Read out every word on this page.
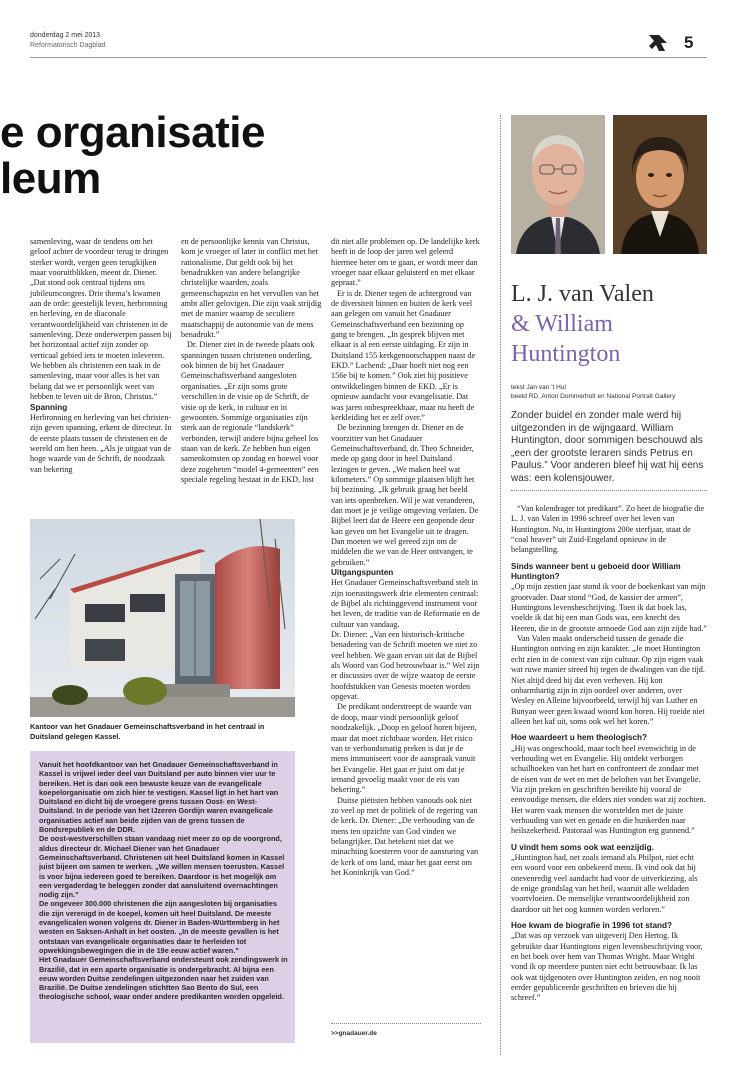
donderdag 2 mei 2013
Reformatorisch Dagblad	5
e organisatie
leum

samenleving, waar de tendens om het geloof achter de voordeur terug te dringen sterker wordt, vergen geen terugkijken maar vooruitblikken, meent dr. Diener. „Dat stond ook centraal tijdens ons jubileumcongres. Drie thema’s kwamen aan de orde: geestelijk leven, herbronning en herleving, en de diaconale verantwoordelijkheid van christenen in de samenleving. Deze onderwerpen passen bij het horizontaal actief zijn zonder op verticaal gebied iets te moeten inleveren. We hebben als christenen een taak in de samenleving, maar voor alles is het van belang dat we er persoonlijk weet van hebben te leven uit de Bron, Christus.”

Spanning

Herbronning en herleving van het christen-zijn geven spanning, erkent de directeur. In de eerste plaats tussen de christenen en de wereld om hen heen. „Als je uitgaat van de hoge waarde van de Schrift, de noodzaak van bekering

en de persoonlijke kennis van Christus, kom je vroeger of later in conflict met het rationalisme. Dat geldt ook bij het benadrukken van andere belangrijke christelijke waarden, zoals gemeenschapszin en het vervullen van het ambt aller gelovigen. Die zijn vaak strijdig met de manier waarop de seculiere maatschappij de autonomie van de mens benadrukt.”

Dr. Diener ziet in de tweede plaats ook spanningen tussen christenen onderling, ook binnen de bij het Gnadauer Gemeinschaftsverband aangesloten organisaties. „Er zijn soms grote verschillen in de visie op de Schrift, de visie op de kerk, in cultuur en in gewoonten. Sommige organisaties zijn sterk aan de regionale “landskerk” verbonden, terwijl andere bijna geheel los staan van de kerk. Ze hebben hun eigen samenkomsten op zondag en hoewel voor deze zogeheten “model 4-gemeenten” een speciale regeling bestaat in de EKD, lost

dit niet alle problemen op. De landelijke kerk heeft in de loop der jaren wel geleerd hiermee beter om te gaan, er wordt meer dan vroeger naar elkaar geluisterd en met elkaar gepraat.”

Er is dr. Diener tegen de achtergrond van de diversiteit binnen en buiten de kerk veel aan gelegen om vanuit het Gnadauer Gemeinschaftsverband een bezinning op gang te brengen. „In gesprek blijven met elkaar is al een eerste uitdaging. Er zijn in Duitsland 155 kerkgenootschappen naast de EKD.” Lachend: „Daar hoeft niet nog een 156e bij te komen.” Ook ziet hij positieve ontwikkelingen binnen de EKD. „Er is opnieuw aandacht voor evangelisatie. Dat was jaren onbespreekbaar, maar nu heeft de kerkleiding het er zelf over.”

De bezinning brengen dr. Diener en de voorzitter van het Gnadauer Gemeinschaftsverband, dr. Theo Schneider, mede op gang door in heel Duitsland lezingen te geven. „We maken heel wat kilometers.” Op sommige plaatsen blijft het bij bezinning. „Ik gebruik graag het beeld van iets openbreken. Wil je wat veranderen, dan moet je je veilige omgeving verlaten. De Bijbel leert dat de Heere een geopende deur kan geven om het Evangelie uit te dragen. Dan moeten we wel gereed zijn om de middelen die we van de Heer ontvangen, te gebruiken.”

Uitgangspunten

Het Gnadauer Gemeinschaftsverband stelt in zijn toerustingswerk drie elementen centraal: de Bijbel als richtinggevend instrument voor het leven, de traditie van de Reformatie en de cultuur van vandaag.

Dr. Diener: „Van een historisch-kritische benadering van de Schrift moeten we niet zo veel hebben. We gaan ervan uit dat de Bijbel als Woord van God betrouwbaar is.” Wel zijn er discussies over de wijze waarop de eerste hoofdstukken van Genesis moeten worden opgevat.

De predikant onderstreept de waarde van de doop, maar vindt persoonlijk geloof noodzakelijk. „Doop en geloof horen bijeen, maar dat moet zichtbaar worden. Het risico van te verbondsmatig preken is dat je de mens immuniseert voor de aanspraak vanuit het Evangelie. Het gaat er juist om dat je iemand gevoelig maakt voor de eis van bekering.”

Duitse piëtisten hebben vanouds ook niet zo veel op met de politiek of de regering van de kerk. Dr. Diener: „De verhouding van de mens ten opzichte van God vinden we belangrijker. Dat betekent niet dat we minachting koesteren voor de aansturing van de kerk of ons land, maar het gaat eerst om het Koninkrijk van God.”

>>gnadauer.de
Kantoor van het Gnadauer Gemeinschaftsverband in het centraal in Duitsland gelegen Kassel.

Vanuit het hoofdkantoor van het Gnadauer Gemeinschaftsverband in Kassel is vrijwel ieder deel van Duitsland per auto binnen vier uur te bereiken. Het is dan ook een bewuste keuze van de evangelicale koepelorganisatie om zich hier te vestigen. Kassel ligt in het hart van Duitsland en dicht bij de vroegere grens tussen Oost- en West-Duitsland. In de periode van het IJzeren Gordijn waren evangelicale organisaties actief aan beide zijden van de grens tussen de Bondsrepubliek en de DDR.

De oost-westverschillen staan vandaag niet meer zo op de voorgrond, aldus directeur dr. Michael Diener van het Gnadauer Gemeinschaftsverband. Christenen uit heel Duitsland komen in Kassel juist bijeen om samen te werken. „We willen mensen toerusten. Kassel is voor bijna iedereen goed te bereiken. Daardoor is het mogelijk om een vergaderdag te beleggen zonder dat aansluitend overnachtingen nodig zijn.”

De ongeveer 300.000 christenen die zijn aangesloten bij organisaties die zijn verenigd in de koepel, komen uit heel Duitsland. De meeste evangelicalen wonen volgens dr. Diener in Baden-Württemberg in het westen en Saksen-Anhalt in het oosten. „In de meeste gevallen is het ontstaan van evangelicale organisaties daar te herleiden tot opwekkingsbewegingen die in de 19e eeuw actief waren.”

Het Gnadauer Gemeinschaftsverband ondersteunt ook zendingswerk in Brazilië, dat in een aparte organisatie is ondergebracht. Al bijna een eeuw worden Duitse zendelingen uitgezonden naar het zuiden van Brazilië. De Duitse zendelingen stichtten Sao Bento do Sul, een theologische school, waar onder andere predikanten worden opgeleid.

L. J. van Valen
& William
Huntington
tekst Jan van ’t Hul
beeld RD, Anton Dommerholt en National Portrait Gallery

Zonder buidel en zonder male werd hij uitgezonden in de wijngaard. William Huntington, door sommigen beschouwd als „een der grootste leraren sinds Petrus en Paulus.” Voor anderen bleef hij wat hij eens was: een kolensjouwer.

“Van kolendrager tot predikant”. Zo heet de biografie die L. J. van Valen in 1996 schreef over het leven van Huntington. Nu, in Huntingtons 200e sterfjaar, staat de “coal heaver” uit Zuid-Engeland opnieuw in de belangstelling.

Sinds wanneer bent u geboeid door William Huntington?

„Op mijn zestien jaar stond ik voor de boekenkast van mijn grootvader. Daar stond “God, de kassier der armen”, Huntingtons levensbeschrijving. Toen ik dat boek las, voelde ik dat hij een man Gods was, een knecht des Heeren, die in de grootste armoede God aan zijn zijde had.”

Van Valen maakt onderscheid tussen de genade die Huntington ontving en zijn karakter. „Je moet Huntington echt zien in de context van zijn cultuur. Op zijn eigen vaak wat ruwe manier streed hij tegen de dwalingen van die tijd. Niet altijd deed hij dat even verheven. Hij kon onbarmhartig zijn in zijn oordeel over anderen, over Wesley en Alleine bijvoorbeeld, terwijl hij van Luther en Bunyan weer geen kwaad woord kon horen. Hij roeide niet alleen het kaf uit, soms ook wel het koren.”

Hoe waardeert u hem theologisch?

„Hij was ongeschoold, maar toch heel evenwichtig in de verhouding wet en Evangelie. Hij ontdekt verborgen schuilhoeken van het hart en confronteert de zondaar met de eisen van de wet en met de beloften van het Evangelie. Via zijn preken en geschriften bereikte hij vooral de eenvoudige mensen, die elders niet vonden wat zij zochten. Het waren vaak mensen die worstelden met de juiste verhouding van wet en genade en die hunkerden naar heilszekerheid. Pastoraal was Huntington erg gunnend.”

U vindt hem soms ook wat eenzijdig.

„Huntington had, net zoals iemand als Philpot, niet echt een woord voor een onbekeerd mens. Ik vind ook dat hij onevenredig veel aandacht had voor de uitverkiezing, als de enige grondslag van het heil, waaruit alle weldaden voortvloeien. De menselijke verantwoordelijkheid zon daardoor uit het oog kunnen worden verloren.”

Hoe kwam de biografie in 1996 tot stand?

„Dat was op verzoek van uitgeverij Den Hertog. Ik gebruikte daar Huntingtons eigen levensbeschrijving voor, en het boek over hem van Thomas Wright. Maar Wright vond ik op meerdere punten niet echt betrouwbaar. Ik las ook wat tijdgenoten over Huntington zeiden, en nog nooit eerder gepubliceerde geschriften en brieven die hij schreef.”
